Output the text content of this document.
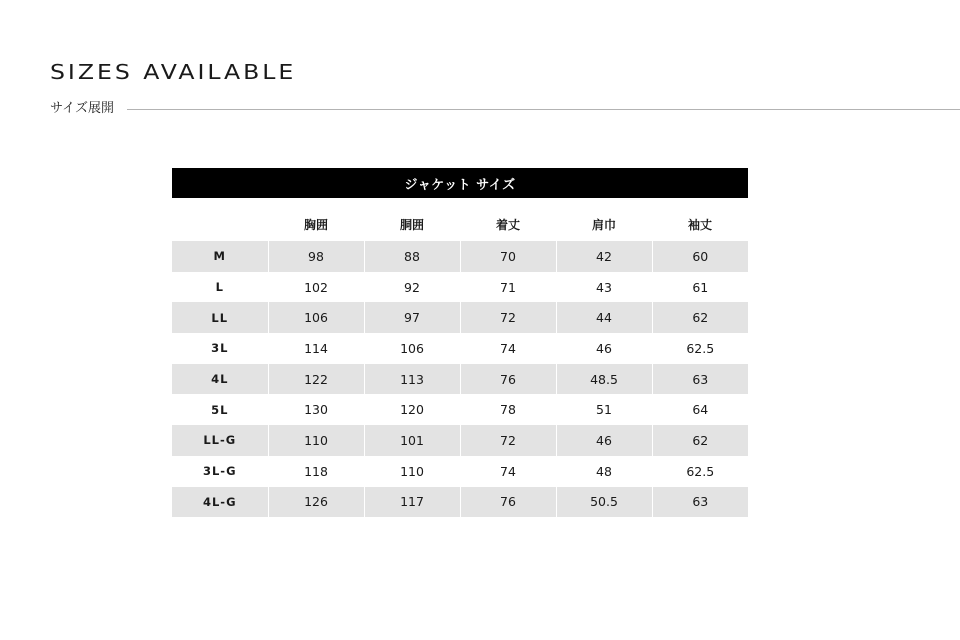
SIZES AVAILABLE
サイズ展開
ジャケット サイズ					

	胸囲	胴囲	着丈	肩巾	袖丈
M	98	88	70	42	60
L	102	92	71	43	61
LL	106	97	72	44	62
3L	114	106	74	46	62.5
4L	122	113	76	48.5	63
5L	130	120	78	51	64
LL-G	110	101	72	46	62
3L-G	118	110	74	48	62.5
4L-G	126	117	76	50.5	63
